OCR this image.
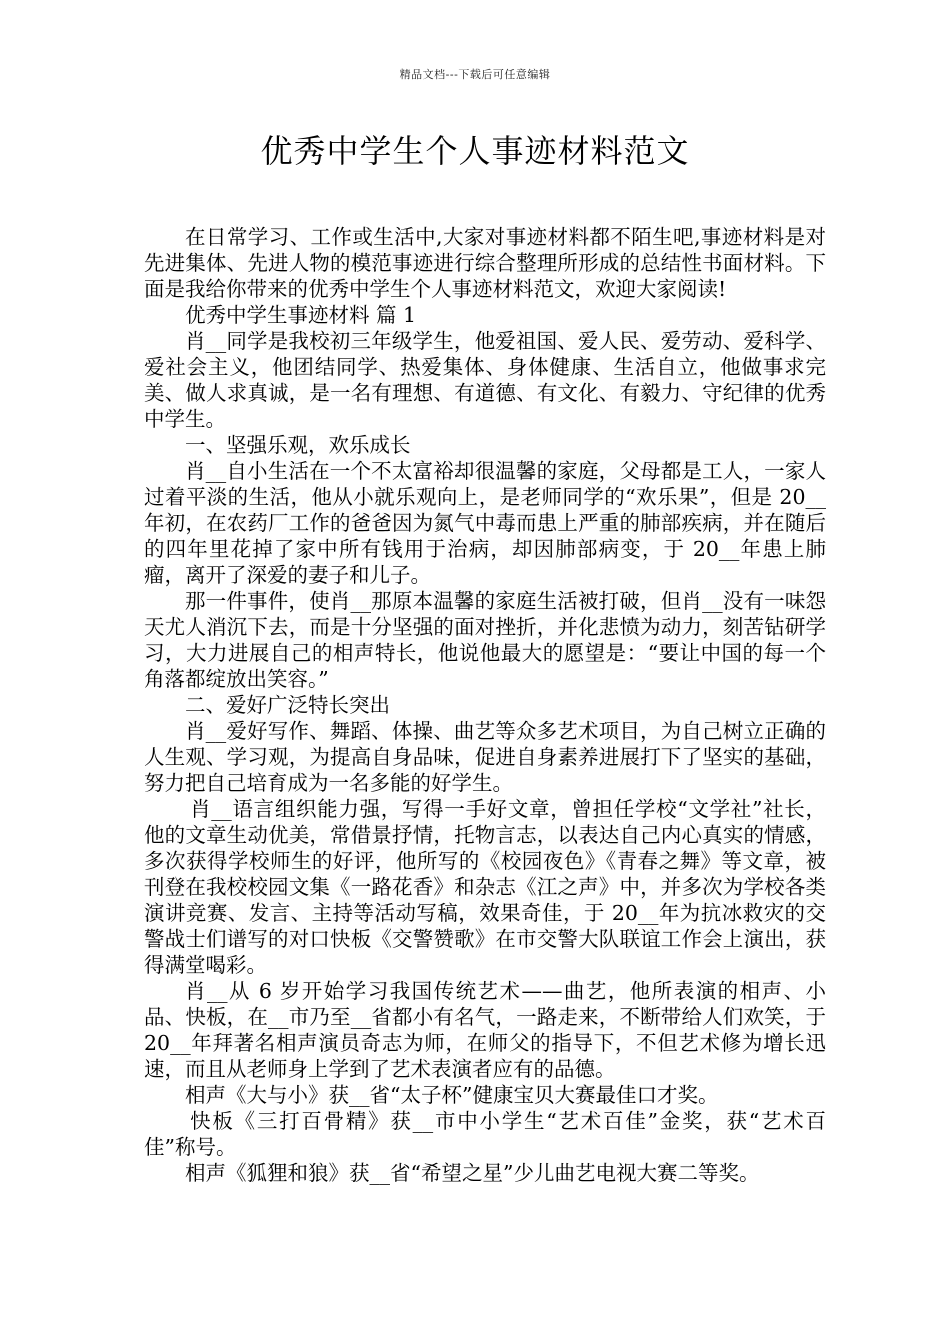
精品文档---下载后可任意编辑
优秀中学生个人事迹材料范文

在日常学习、工作或生活中,大家对事迹材料都不陌生吧,事迹材料是对先进集体、先进人物的模范事迹进行综合整理所形成的总结性书面材料。下面是我给你带来的优秀中学生个人事迹材料范文，欢迎大家阅读!

优秀中学生事迹材料 篇 1

肖__同学是我校初三年级学生，他爱祖国、爱人民、爱劳动、爱科学、爱社会主义，他团结同学、热爱集体、身体健康、生活自立，他做事求完美、做人求真诚，是一名有理想、有道德、有文化、有毅力、守纪律的优秀中学生。

一、坚强乐观，欢乐成长

肖__自小生活在一个不太富裕却很温馨的家庭，父母都是工人，一家人过着平淡的生活，他从小就乐观向上，是老师同学的“欢乐果”，但是 20__年初，在农药厂工作的爸爸因为氮气中毒而患上严重的肺部疾病，并在随后的四年里花掉了家中所有钱用于治病，却因肺部病变，于 20__年患上肺瘤，离开了深爱的妻子和儿子。

那一件事件，使肖__那原本温馨的家庭生活被打破，但肖__没有一味怨天尤人消沉下去，而是十分坚强的面对挫折，并化悲愤为动力，刻苦钻研学习，大力进展自己的相声特长，他说他最大的愿望是：“要让中国的每一个角落都绽放出笑容。”

二、爱好广泛特长突出

肖__爱好写作、舞蹈、体操、曲艺等众多艺术项目，为自己树立正确的人生观、学习观，为提高自身品味，促进自身素养进展打下了坚实的基础，努力把自己培育成为一名多能的好学生。

肖__语言组织能力强，写得一手好文章，曾担任学校“文学社”社长，他的文章生动优美，常借景抒情，托物言志，以表达自己内心真实的情感，多次获得学校师生的好评，他所写的《校园夜色》《青春之舞》等文章，被刊登在我校校园文集《一路花香》和杂志《江之声》中，并多次为学校各类演讲竞赛、发言、主持等活动写稿，效果奇佳，于 20__年为抗冰救灾的交警战士们谱写的对口快板《交警赞歌》在市交警大队联谊工作会上演出，获得满堂喝彩。

肖__从 6 岁开始学习我国传统艺术——曲艺，他所表演的相声、小品、快板，在__市乃至__省都小有名气，一路走来，不断带给人们欢笑，于 20__年拜著名相声演员奇志为师，在师父的指导下，不但艺术修为增长迅速，而且从老师身上学到了艺术表演者应有的品德。

相声《大与小》获__省“太子杯”健康宝贝大赛最佳口才奖。

快板《三打百骨精》获__市中小学生“艺术百佳”金奖，获“艺术百佳”称号。

相声《狐狸和狼》获__省“希望之星”少儿曲艺电视大赛二等奖。
